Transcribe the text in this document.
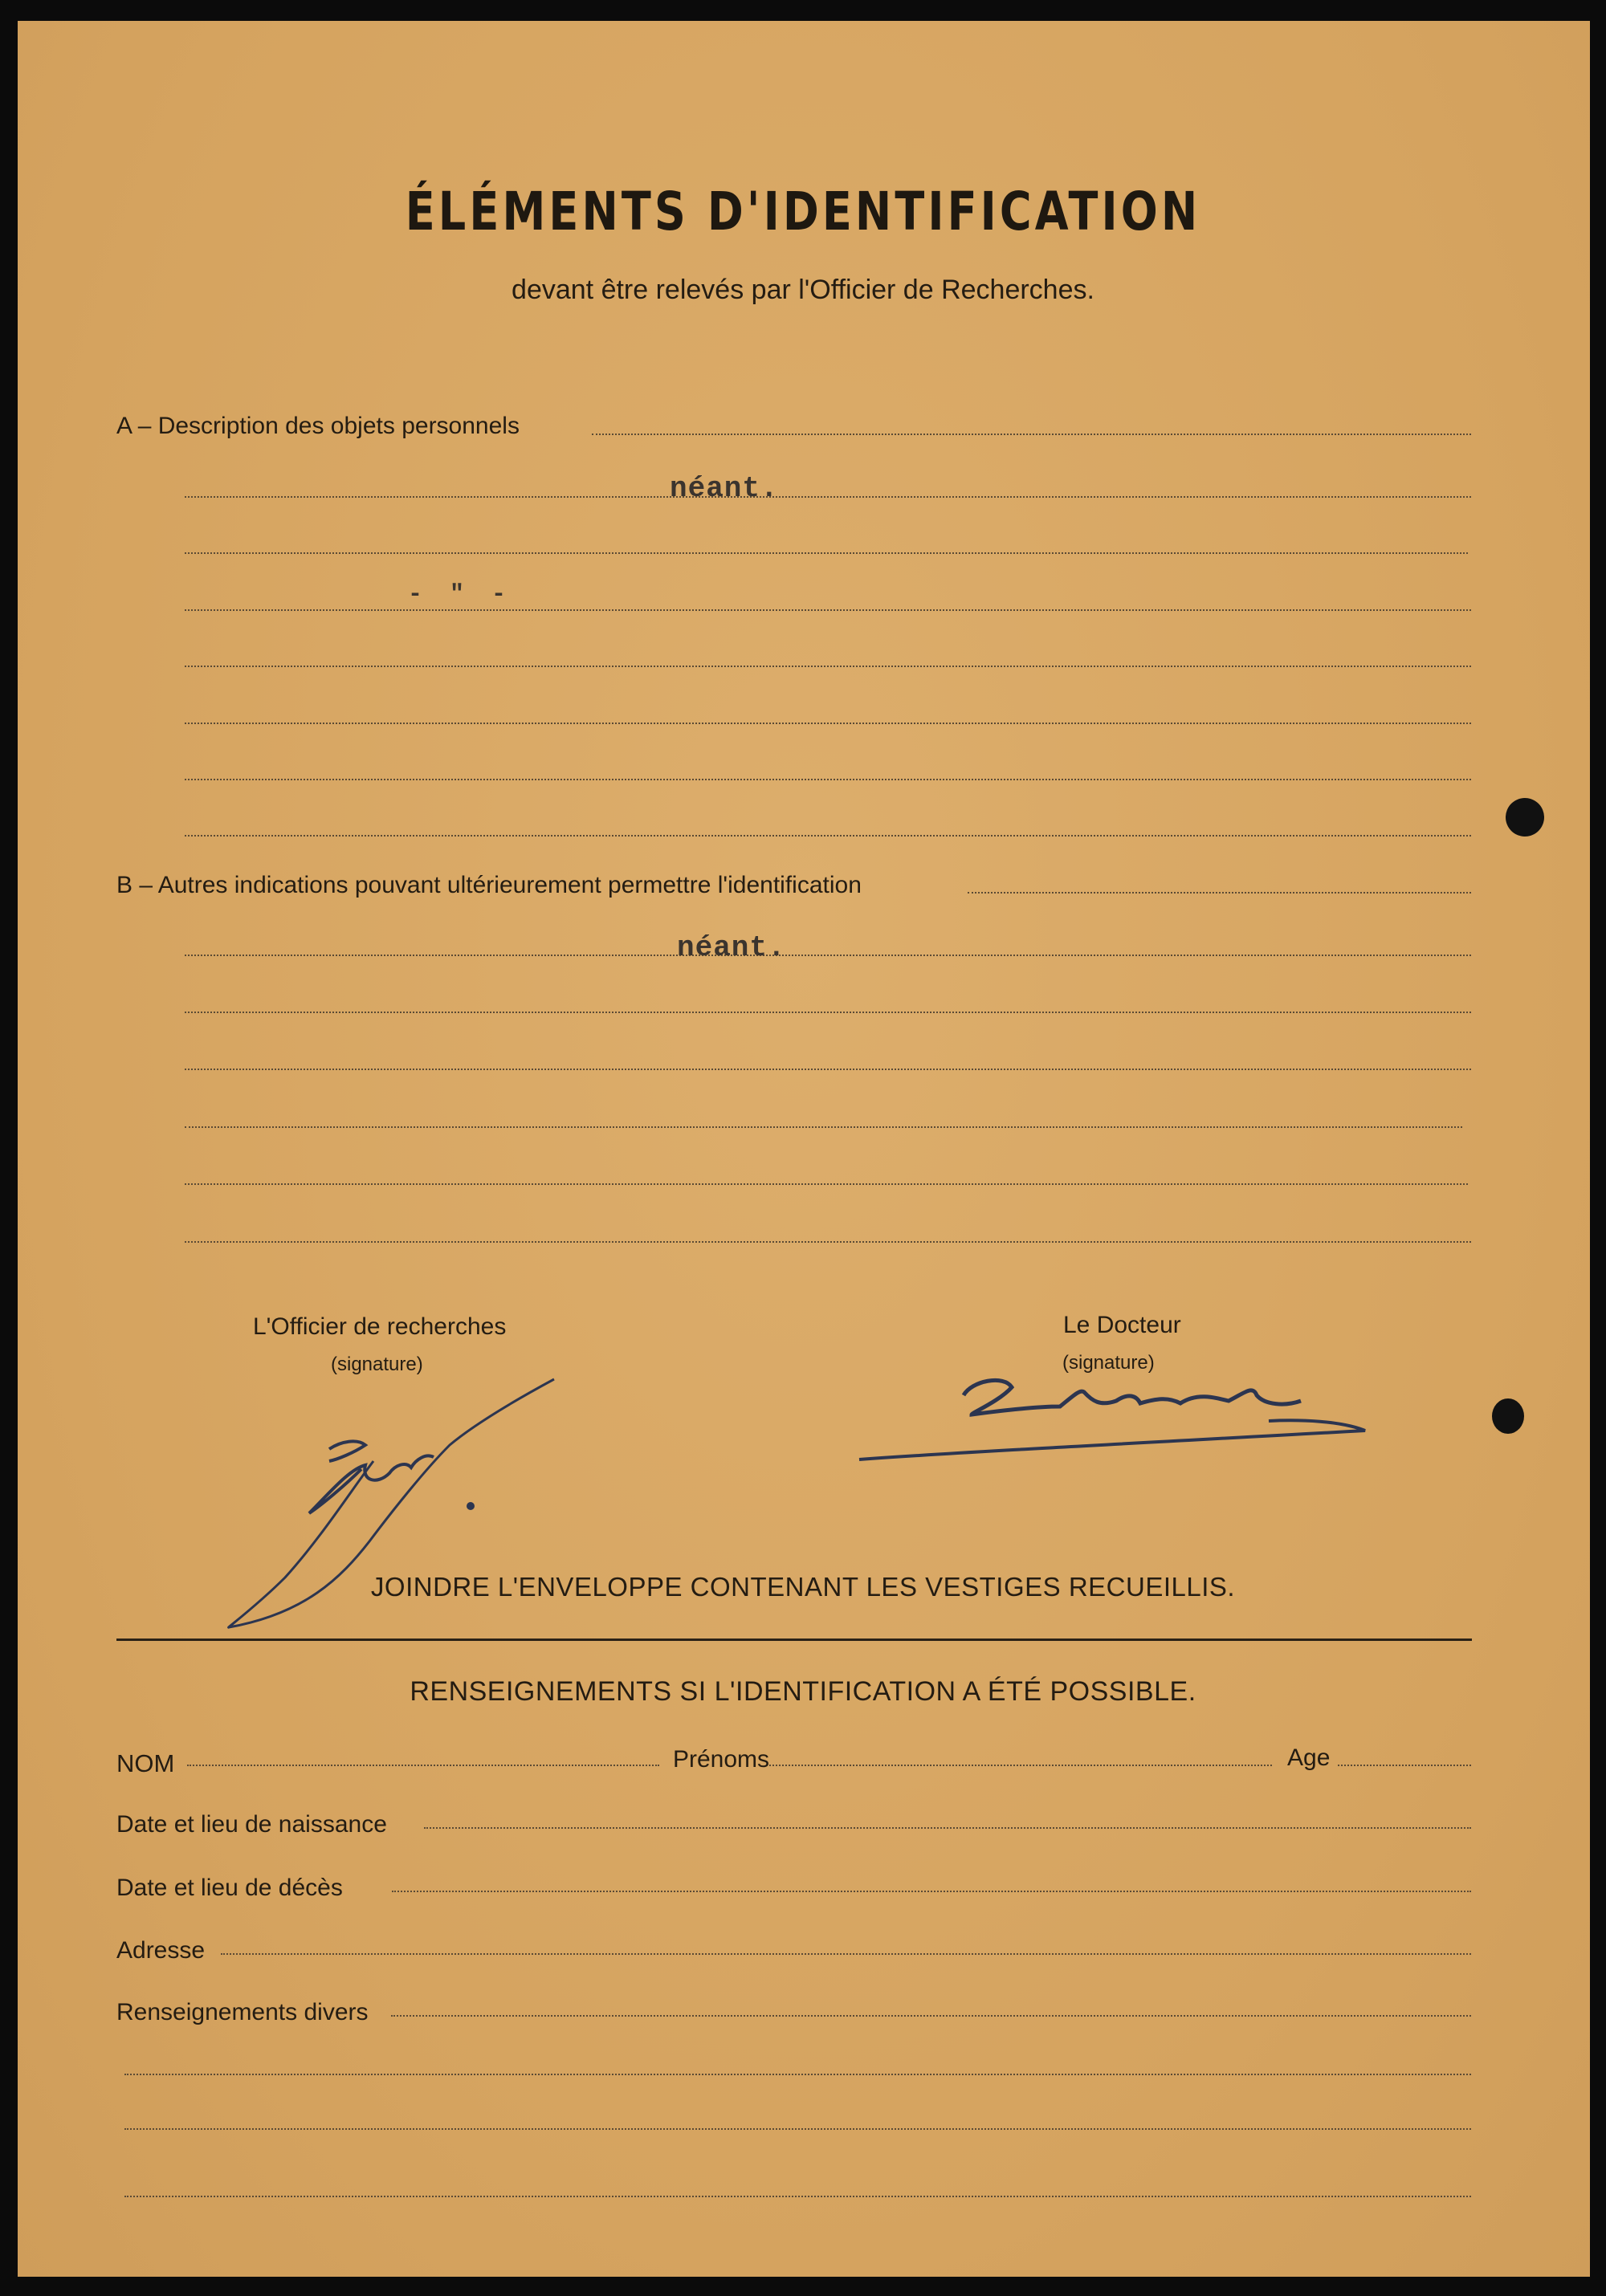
ÉLÉMENTS D'IDENTIFICATION
devant être relevés par l'Officier de Recherches.
A – Description des objets personnels
néant.
- " -
B – Autres indications pouvant ultérieurement permettre l'identification
néant.
L'Officier de recherches
(signature)
Le Docteur
(signature)
JOINDRE L'ENVELOPPE CONTENANT LES VESTIGES RECUEILLIS.
RENSEIGNEMENTS SI L'IDENTIFICATION A ÉTÉ POSSIBLE.
NOM	Prénoms	Age
Date et lieu de naissance
Date et lieu de décès
Adresse
Renseignements divers
